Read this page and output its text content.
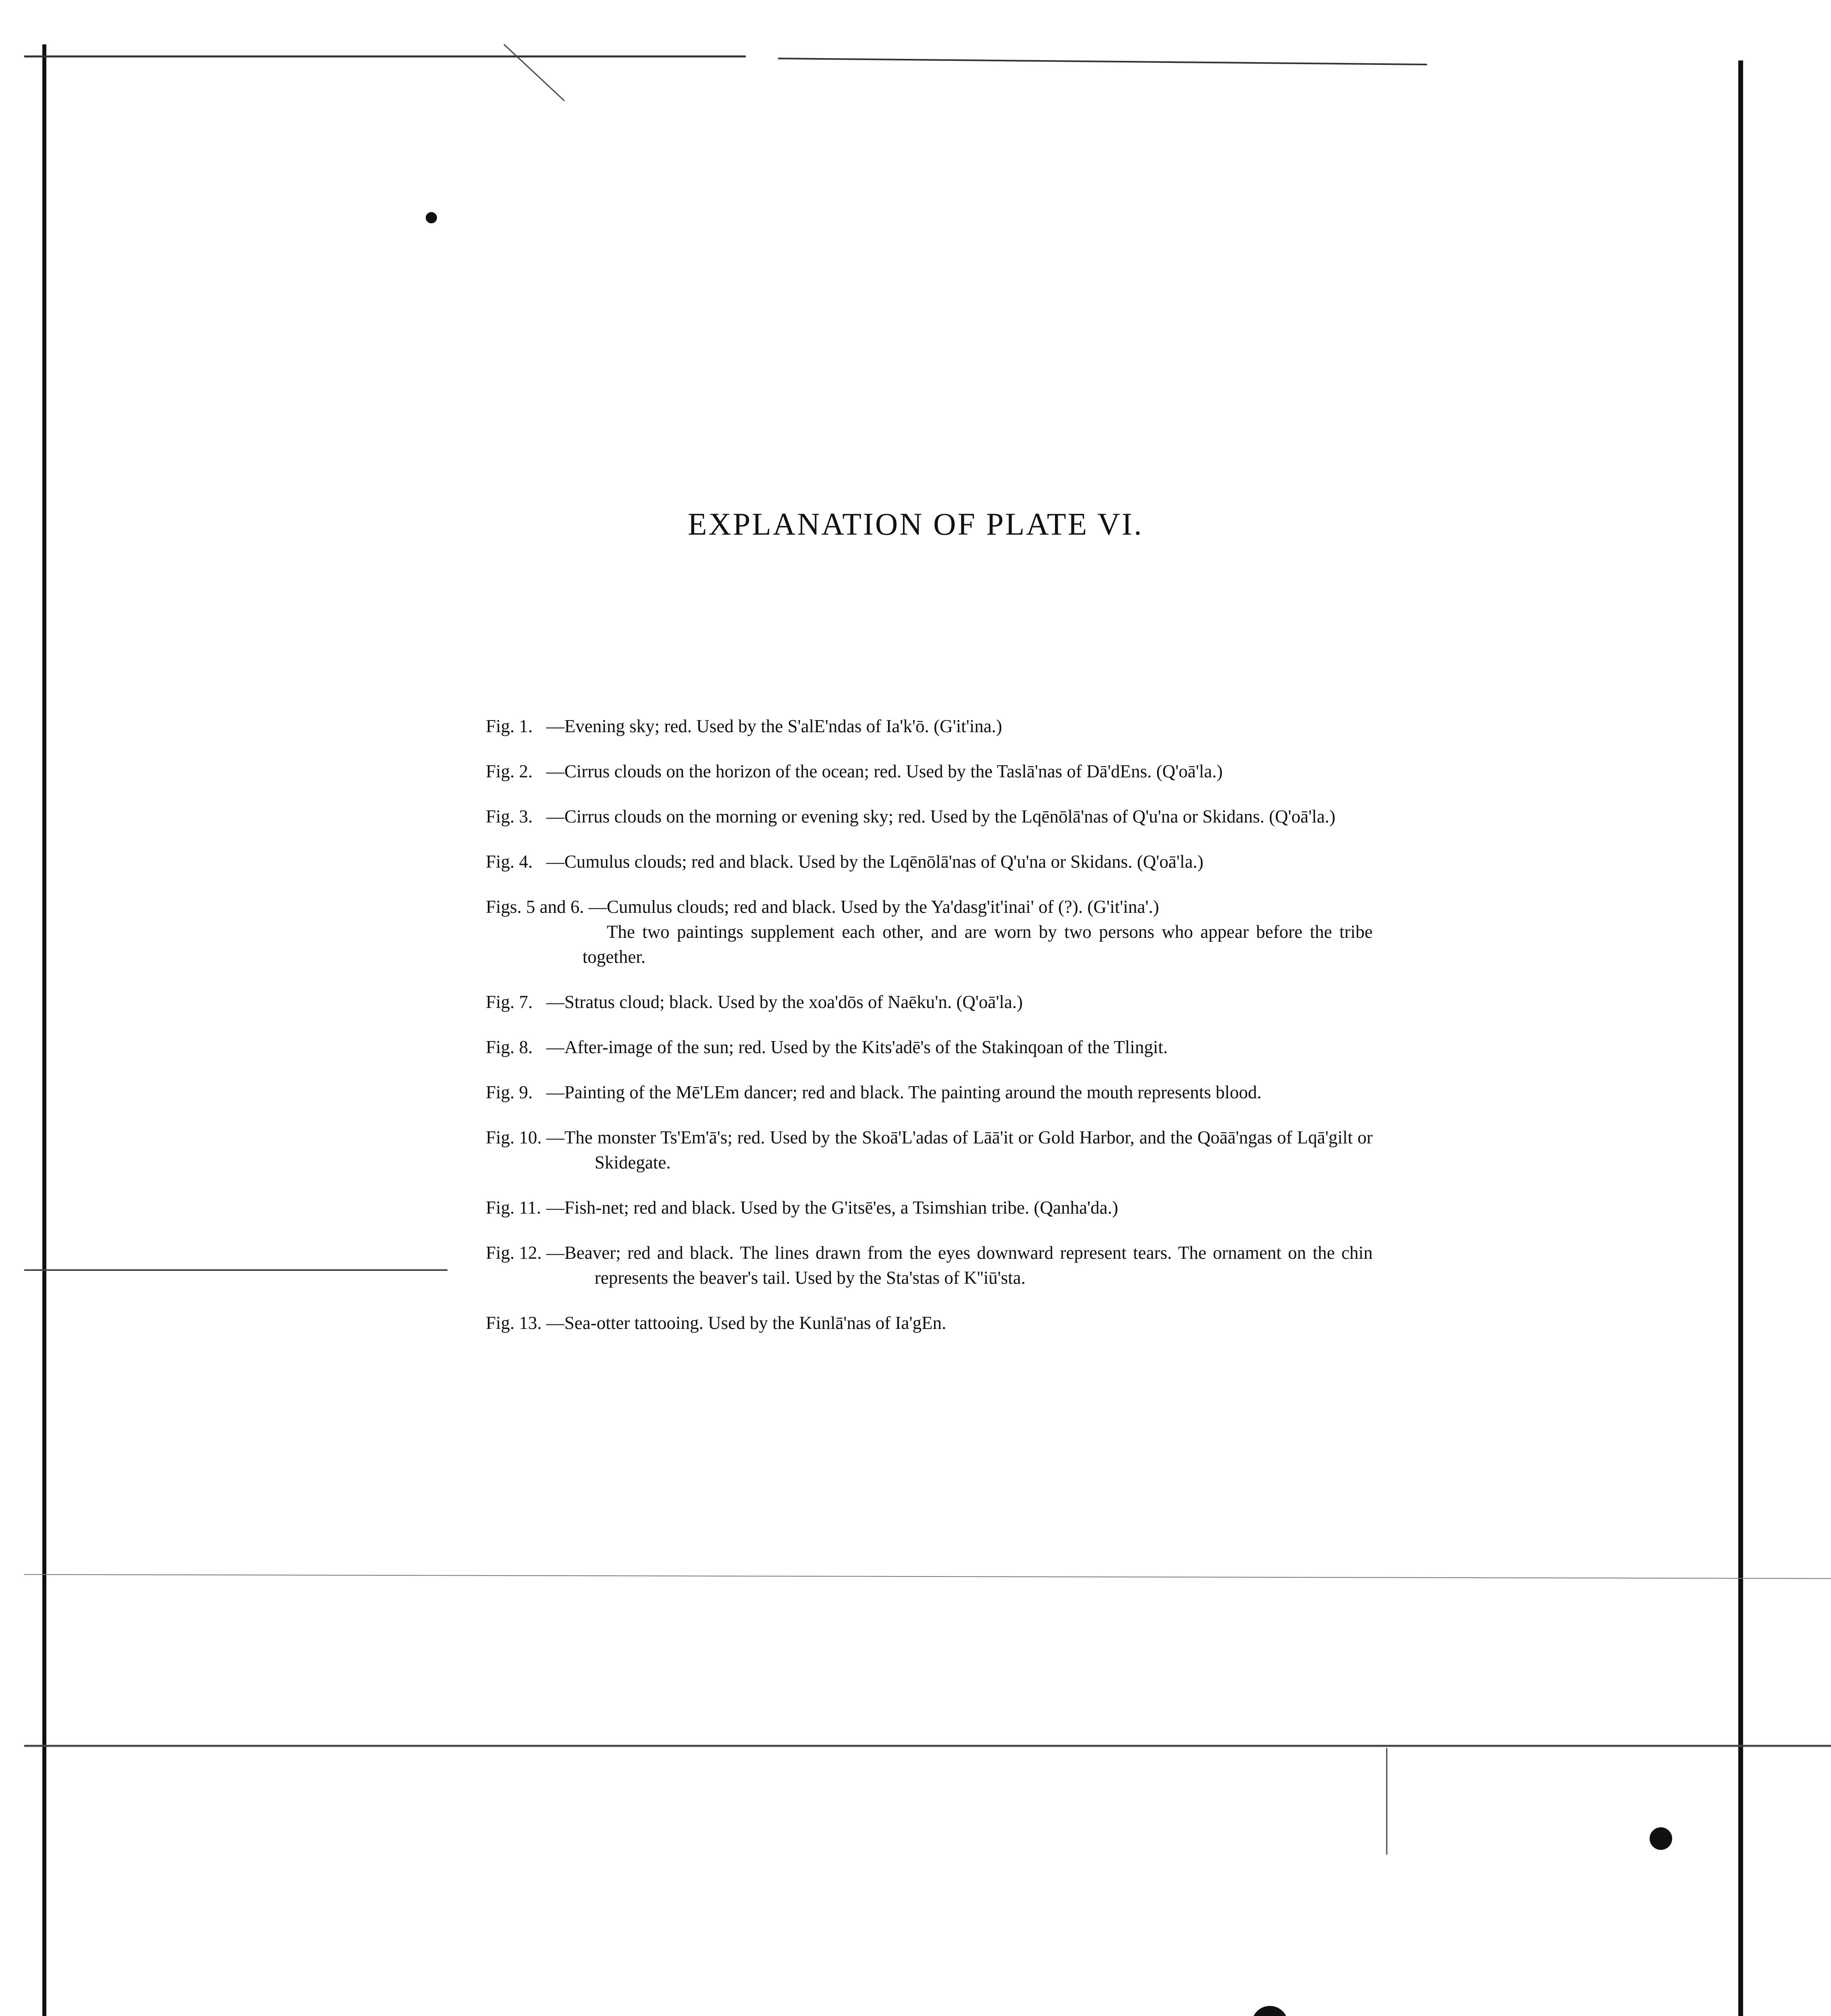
EXPLANATION OF PLATE VI.
Fig. 1. —Evening sky; red. Used by the S'alE'ndas of Ia'k'ō. (G'it'ina.)
Fig. 2. —Cirrus clouds on the horizon of the ocean; red. Used by the Taslā'nas of Dā'dEns. (Q'oā'la.)
Fig. 3. —Cirrus clouds on the morning or evening sky; red. Used by the Lqēnōlā'nas of Q'u'na or Skidans. (Q'oā'la.)
Fig. 4. —Cumulus clouds; red and black. Used by the Lqēnōlā'nas of Q'u'na or Skidans. (Q'oā'la.)
Figs. 5 and 6. —Cumulus clouds; red and black. Used by the Ya'dasg'it'inai' of (?). (G'it'ina'.)
The two paintings supplement each other, and are worn by two persons who appear before the tribe together.
Fig. 7. —Stratus cloud; black. Used by the xoa'dōs of Naēku'n. (Q'oā'la.)
Fig. 8. —After-image of the sun; red. Used by the Kits'adē's of the Stakinqoan of the Tlingit.
Fig. 9. —Painting of the Mē'LEm dancer; red and black. The painting around the mouth represents blood.
Fig. 10. —The monster Ts'Em'ā's; red. Used by the Skoā'L'adas of Lāā'it or Gold Harbor, and the Qoāā'ngas of Lqā'gilt or Skidegate.
Fig. 11. —Fish-net; red and black. Used by the G'itsē'es, a Tsimshian tribe. (Qanha'da.)
Fig. 12. —Beaver; red and black. The lines drawn from the eyes downward represent tears. The ornament on the chin represents the beaver's tail. Used by the Sta'stas of K''iū'sta.
Fig. 13. —Sea-otter tattooing. Used by the Kunlā'nas of Ia'gEn.
